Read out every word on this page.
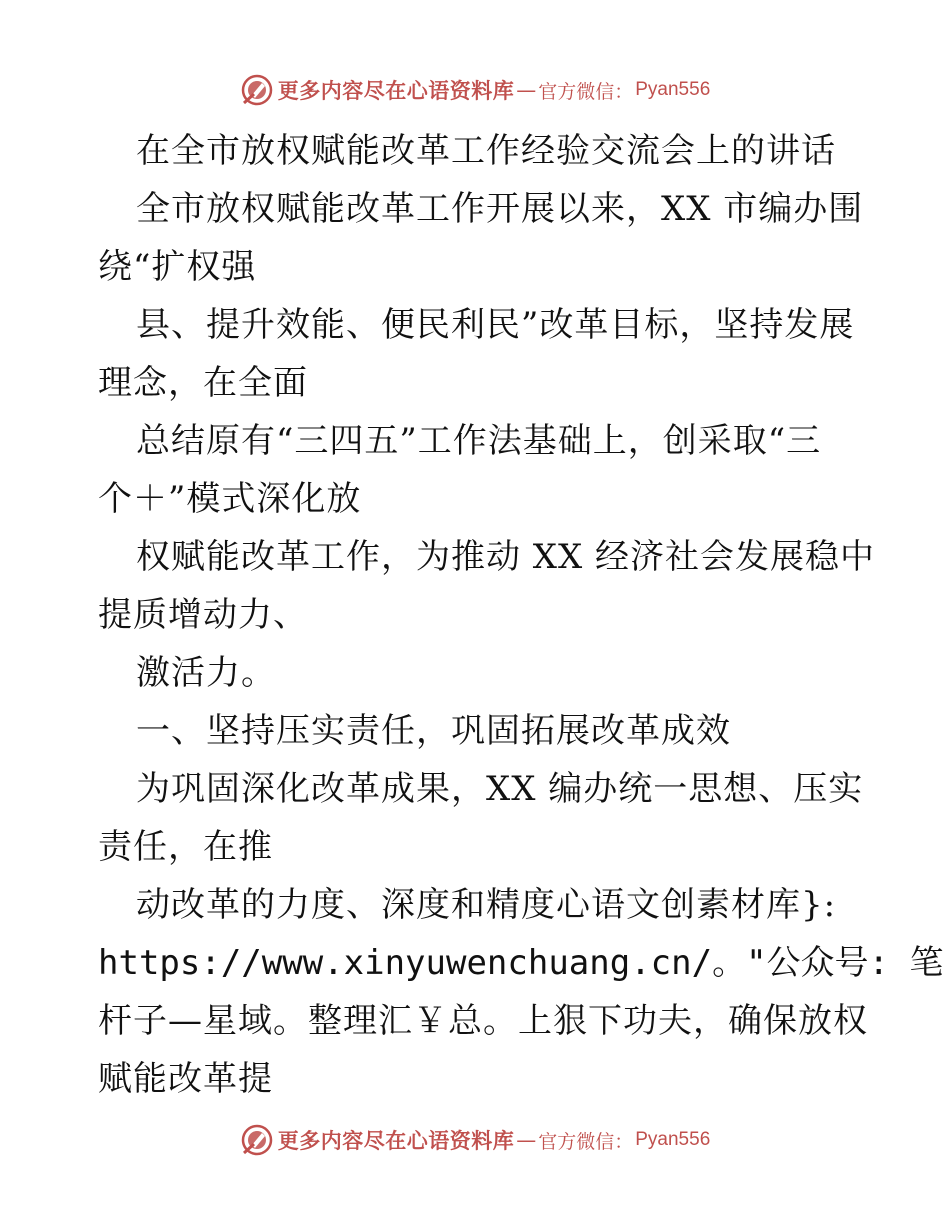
更多内容尽在心语资料库 — 官方微信： Pyan556
在全市放权赋能改革工作经验交流会上的讲话
全市放权赋能改革工作开展以来，XX 市编办围
绕“扩权强
县、提升效能、便民利民”改革目标，坚持发展
理念，在全面
总结原有“三四五”工作法基础上，创采取“三
个＋”模式深化放
权赋能改革工作，为推动 XX 经济社会发展稳中
提质增动力、
激活力。
一、坚持压实责任，巩固拓展改革成效
为巩固深化改革成果，XX 编办统一思想、压实
责任，在推
动改革的力度、深度和精度心语文创素材库}:
https://www.xinyuwenchuang.cn/。"公众号: 笔
杆子—星域。整理汇￥总。上狠下功夫，确保放权
赋能改革提
更多内容尽在心语资料库 — 官方微信： Pyan556
